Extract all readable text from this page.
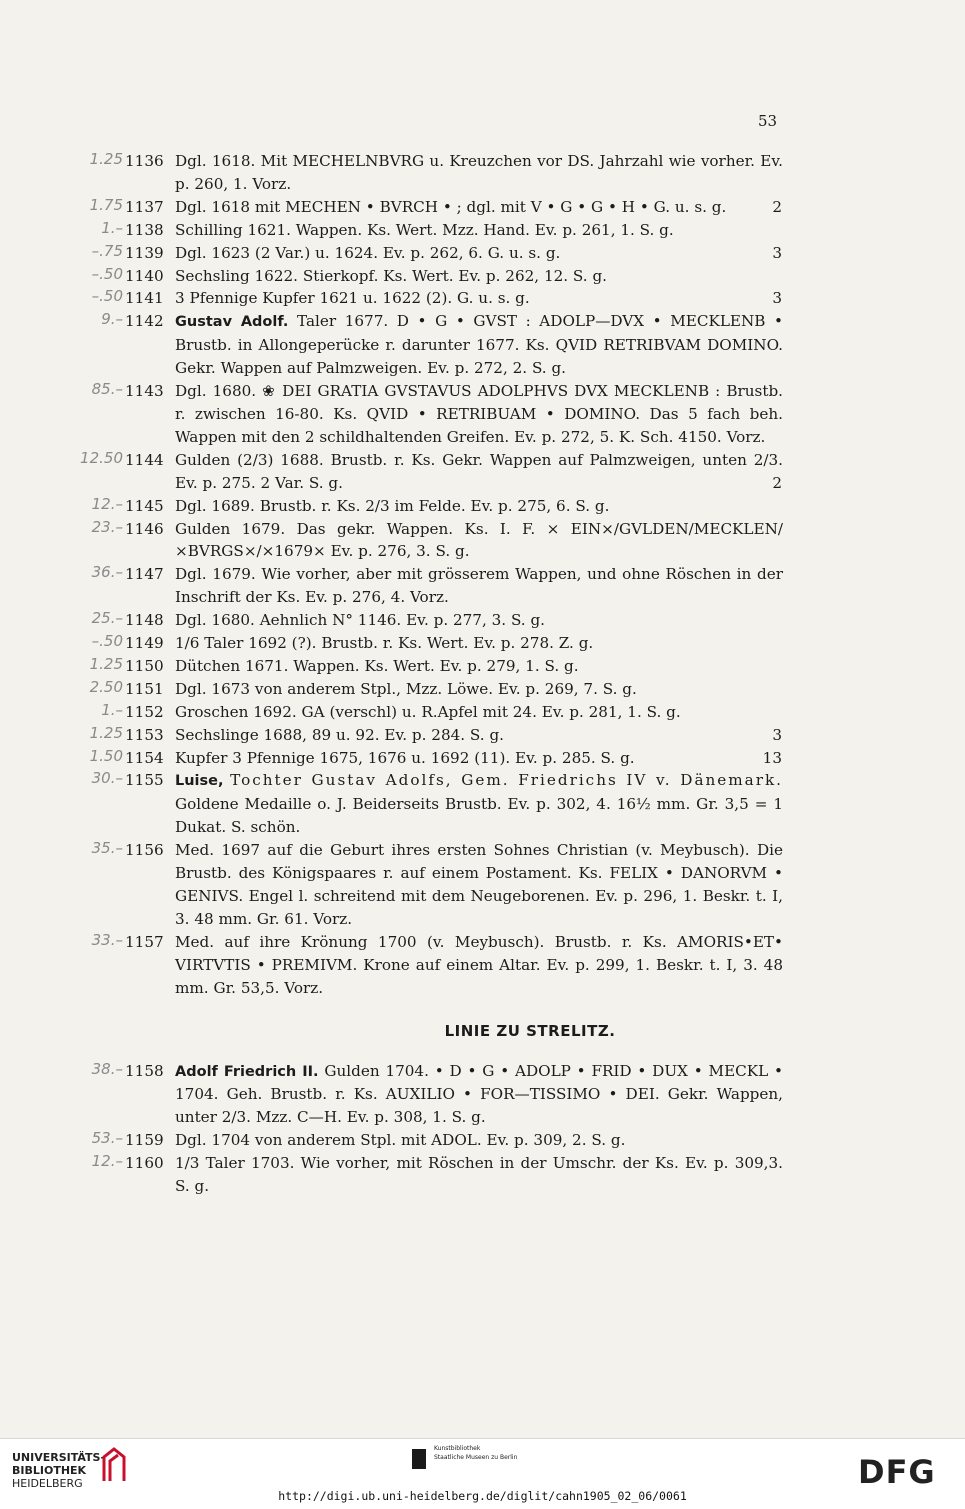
53
1.25 1136 Dgl. 1618. Mit MECHELNBVRG u. Kreuzchen vor DS. Jahrzahl wie vorher. Ev. p. 260, 1. Vorz.
1.75 1137 Dgl. 1618 mit MECHEN • BVRCH • ; dgl. mit V • G • G • H • G. u. s. g.	2
1.– 1138 Schilling 1621. Wappen. Ks. Wert. Mzz. Hand. Ev. p. 261, 1. S. g.
–.75 1139 Dgl. 1623 (2 Var.) u. 1624. Ev. p. 262, 6. G. u. s. g.	3
–.50 1140 Sechsling 1622. Stierkopf. Ks. Wert. Ev. p. 262, 12. S. g.
–.50 1141 3 Pfennige Kupfer 1621 u. 1622 (2). G. u. s. g.	3
9.– 1142 Gustav Adolf. Taler 1677. D • G • GVST : ADOLP—DVX • MECKLENB • Brustb. in Allongeperücke r. darunter 1677. Ks. QVID RETRIBVAM DOMINO. Gekr. Wappen auf Palmzweigen. Ev. p. 272, 2. S. g.
85.– 1143 Dgl. 1680. ❀ DEI GRATIA GVSTAVUS ADOLPHVS DVX MECKLENB : Brustb. r. zwischen 16-80. Ks. QVID • RETRIBUAM • DOMINO. Das 5 fach beh. Wappen mit den 2 schildhaltenden Greifen. Ev. p. 272, 5. K. Sch. 4150. Vorz.
12.50 1144 Gulden (2/3) 1688. Brustb. r. Ks. Gekr. Wappen auf Palmzweigen, unten 2/3. Ev. p. 275. 2 Var. S. g.	2
12.– 1145 Dgl. 1689. Brustb. r. Ks. 2/3 im Felde. Ev. p. 275, 6. S. g.
23.– 1146 Gulden 1679. Das gekr. Wappen. Ks. I. F. × EIN×/GVLDEN/MECKLEN/ ×BVRGS×/×1679× Ev. p. 276, 3. S. g.
36.– 1147 Dgl. 1679. Wie vorher, aber mit grösserem Wappen, und ohne Röschen in der Inschrift der Ks. Ev. p. 276, 4. Vorz.
25.– 1148 Dgl. 1680. Aehnlich N° 1146. Ev. p. 277, 3. S. g.
–.50 1149 1/6 Taler 1692 (?). Brustb. r. Ks. Wert. Ev. p. 278. Z. g.
1.25 1150 Dütchen 1671. Wappen. Ks. Wert. Ev. p. 279, 1. S. g.
2.50 1151 Dgl. 1673 von anderem Stpl., Mzz. Löwe. Ev. p. 269, 7. S. g.
1.– 1152 Groschen 1692. GA (verschl) u. R.Apfel mit 24. Ev. p. 281, 1. S. g.
1.25 1153 Sechslinge 1688, 89 u. 92. Ev. p. 284. S. g.	3
1.50 1154 Kupfer 3 Pfennige 1675, 1676 u. 1692 (11). Ev. p. 285. S. g.	13
30.– 1155 Luise, Tochter Gustav Adolfs, Gem. Friedrichs IV v. Dänemark. Goldene Medaille o. J. Beiderseits Brustb. Ev. p. 302, 4. 16½ mm. Gr. 3,5 = 1 Dukat. S. schön.
35.– 1156 Med. 1697 auf die Geburt ihres ersten Sohnes Christian (v. Meybusch). Die Brustb. des Königspaares r. auf einem Postament. Ks. FELIX • DANORVM • GENIVS. Engel l. schreitend mit dem Neugeborenen. Ev. p. 296, 1. Beskr. t. I, 3. 48 mm. Gr. 61. Vorz.
33.– 1157 Med. auf ihre Krönung 1700 (v. Meybusch). Brustb. r. Ks. AMORIS•ET• VIRTVTIS • PREMIVM. Krone auf einem Altar. Ev. p. 299, 1. Beskr. t. I, 3. 48 mm. Gr. 53,5. Vorz.
LINIE ZU STRELITZ.
38.– 1158 Adolf Friedrich II. Gulden 1704. • D • G • ADOLP • FRID • DUX • MECKL • 1704. Geh. Brustb. r. Ks. AUXILIO • FOR—TISSIMO • DEI. Gekr. Wappen, unter 2/3. Mzz. C—H. Ev. p. 308, 1. S. g.
53.– 1159 Dgl. 1704 von anderem Stpl. mit ADOL. Ev. p. 309, 2. S. g.
12.– 1160 1/3 Taler 1703. Wie vorher, mit Röschen in der Umschr. der Ks. Ev. p. 309,3. S. g.
UNIVERSITÄTS-
BIBLIOTHEK
HEIDELBERG
Kunstbibliothek
Staatliche Museen zu Berlin	DFG
http://digi.ub.uni-heidelberg.de/diglit/cahn1905_02_06/0061
